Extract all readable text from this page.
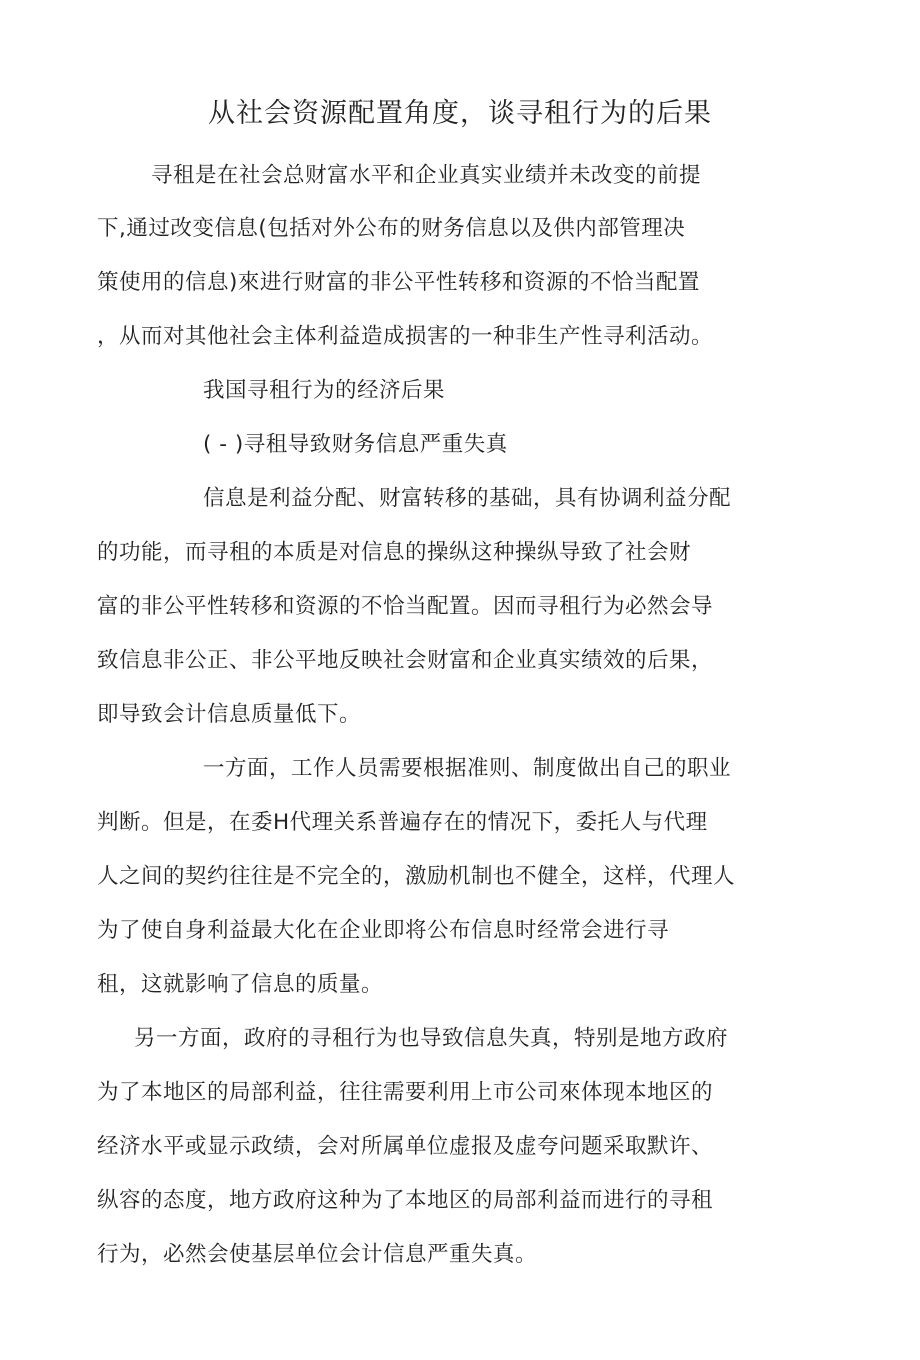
从社会资源配置角度，谈寻租行为的后果
寻租是在社会总财富水平和企业真实业绩并未改变的前提
下,通过改变信息(包括对外公布的财务信息以及供内部管理决
策使用的信息)來进行财富的非公平性转移和资源的不恰当配置
，从而对其他社会主体利益造成损害的一种非生产性寻利活动。
我国寻租行为的经济后果
( - )寻租导致财务信息严重失真
信息是利益分配、财富转移的基础，具有协调利益分配
的功能，而寻租的本质是对信息的操纵这种操纵导致了社会财
富的非公平性转移和资源的不恰当配置。因而寻租行为必然会导
致信息非公正、非公平地反映社会财富和企业真实绩效的后果，
即导致会计信息质量低下。
一方面，工作人员需要根据准则、制度做出自己的职业
判断。但是，在委H代理关系普遍存在的情况下，委托人与代理
人之间的契约往往是不完全的，激励机制也不健全，这样，代理人
为了使自身利益最大化在企业即将公布信息时经常会进行寻
租，这就影响了信息的质量。
另一方面，政府的寻租行为也导致信息失真，特别是地方政府
为了本地区的局部利益，往往需要利用上市公司來体现本地区的
经济水平或显示政绩，会对所属单位虚报及虚夸问题采取默许、
纵容的态度，地方政府这种为了本地区的局部利益而进行的寻租
行为，必然会使基层单位会计信息严重失真。
